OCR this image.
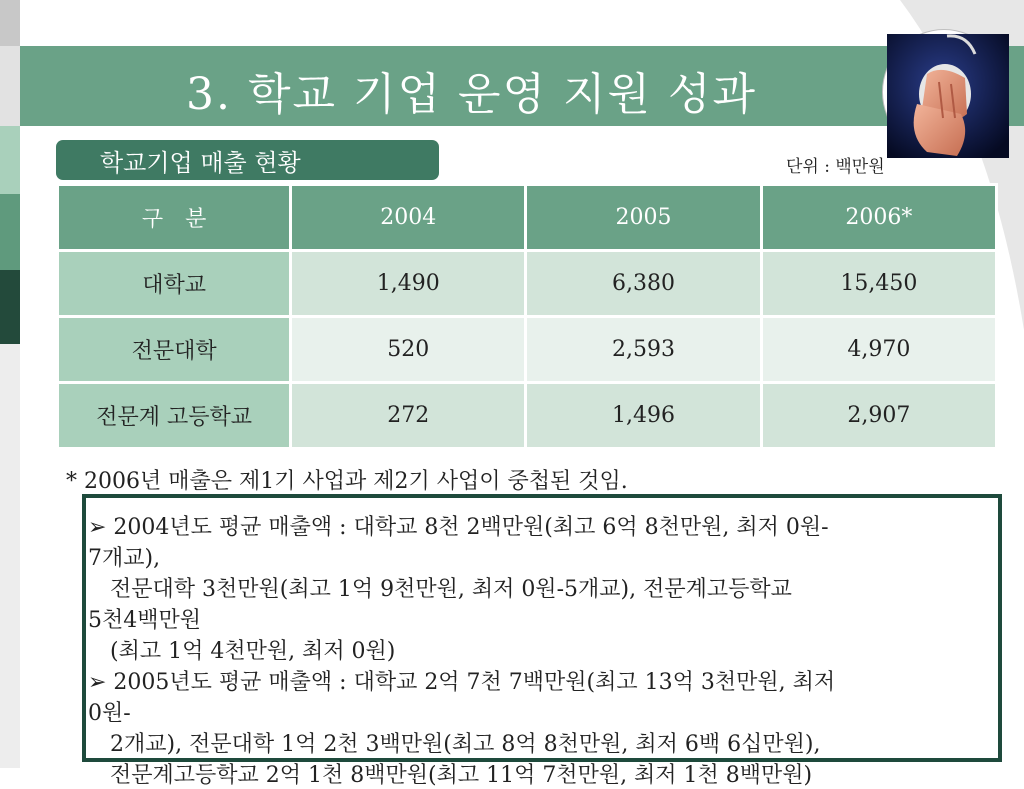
3. 학교 기업 운영 지원 성과
학교기업 매출 현황	단위 : 백만원
구　분	2004	2005	2006*
대학교	1,490	6,380	15,450
전문대학	520	2,593	4,970
전문계 고등학교	272	1,496	2,907
* 2006년 매출은 제1기 사업과 제2기 사업이 중첩된 것임.
➢ 2004년도 평균 매출액 : 대학교 8천 2백만원(최고 6억 8천만원, 최저 0원-
7개교),
　전문대학 3천만원(최고 1억 9천만원, 최저 0원-5개교), 전문계고등학교
5천4백만원
　(최고 1억 4천만원, 최저 0원)
➢ 2005년도 평균 매출액 : 대학교 2억 7천 7백만원(최고 13억 3천만원, 최저
0원-
　2개교), 전문대학 1억 2천 3백만원(최고 8억 8천만원, 최저 6백 6십만원),
　전문계고등학교 2억 1천 8백만원(최고 11억 7천만원, 최저 1천 8백만원)
